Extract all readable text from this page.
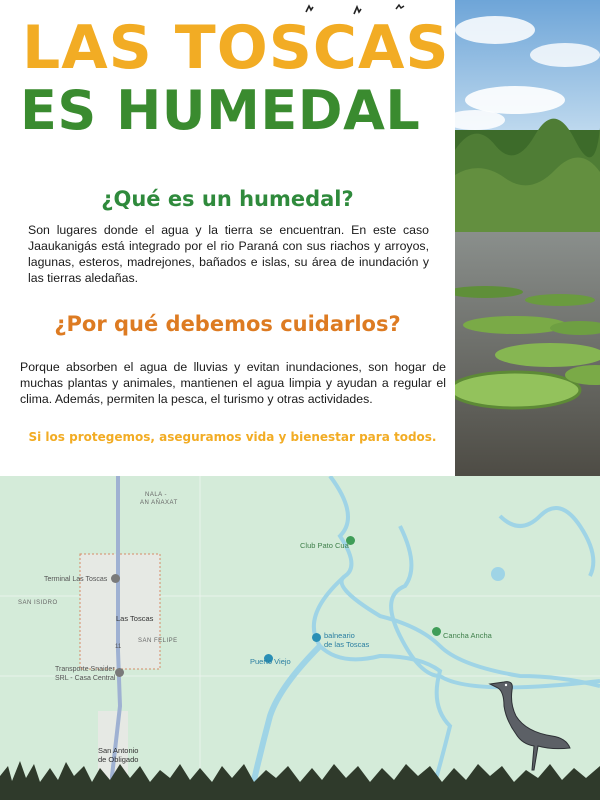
LAS TOSCAS
ES HUMEDAL
¿Qué es un humedal?
Son lugares donde el agua y la tierra se encuentran. En este caso Jaaukanigás está integrado por el rio Paraná con sus riachos y arroyos, lagunas, esteros, madrejones, bañados e islas, su área de inundación y las tierras aledañas.
¿Por qué debemos cuidarlos?
Porque absorben el agua de lluvias y evitan inundaciones, son hogar de muchas plantas y animales, mantienen el agua limpia y ayudan a regular el clima. Además, permiten la pesca, el turismo y otras actividades.
Si los protegemos, aseguramos vida y bienestar para todos.
NALA -
AN AÑAXAT
Terminal Las Toscas
SAN ISIDRO
Las Toscas
SAN FELIPE
11
Transporte Snaider
SRL - Casa Central
San Antonio
de Obligado
Club Pato Cua
balneario
de las Toscas
Puerto Viejo
Cancha Ancha
